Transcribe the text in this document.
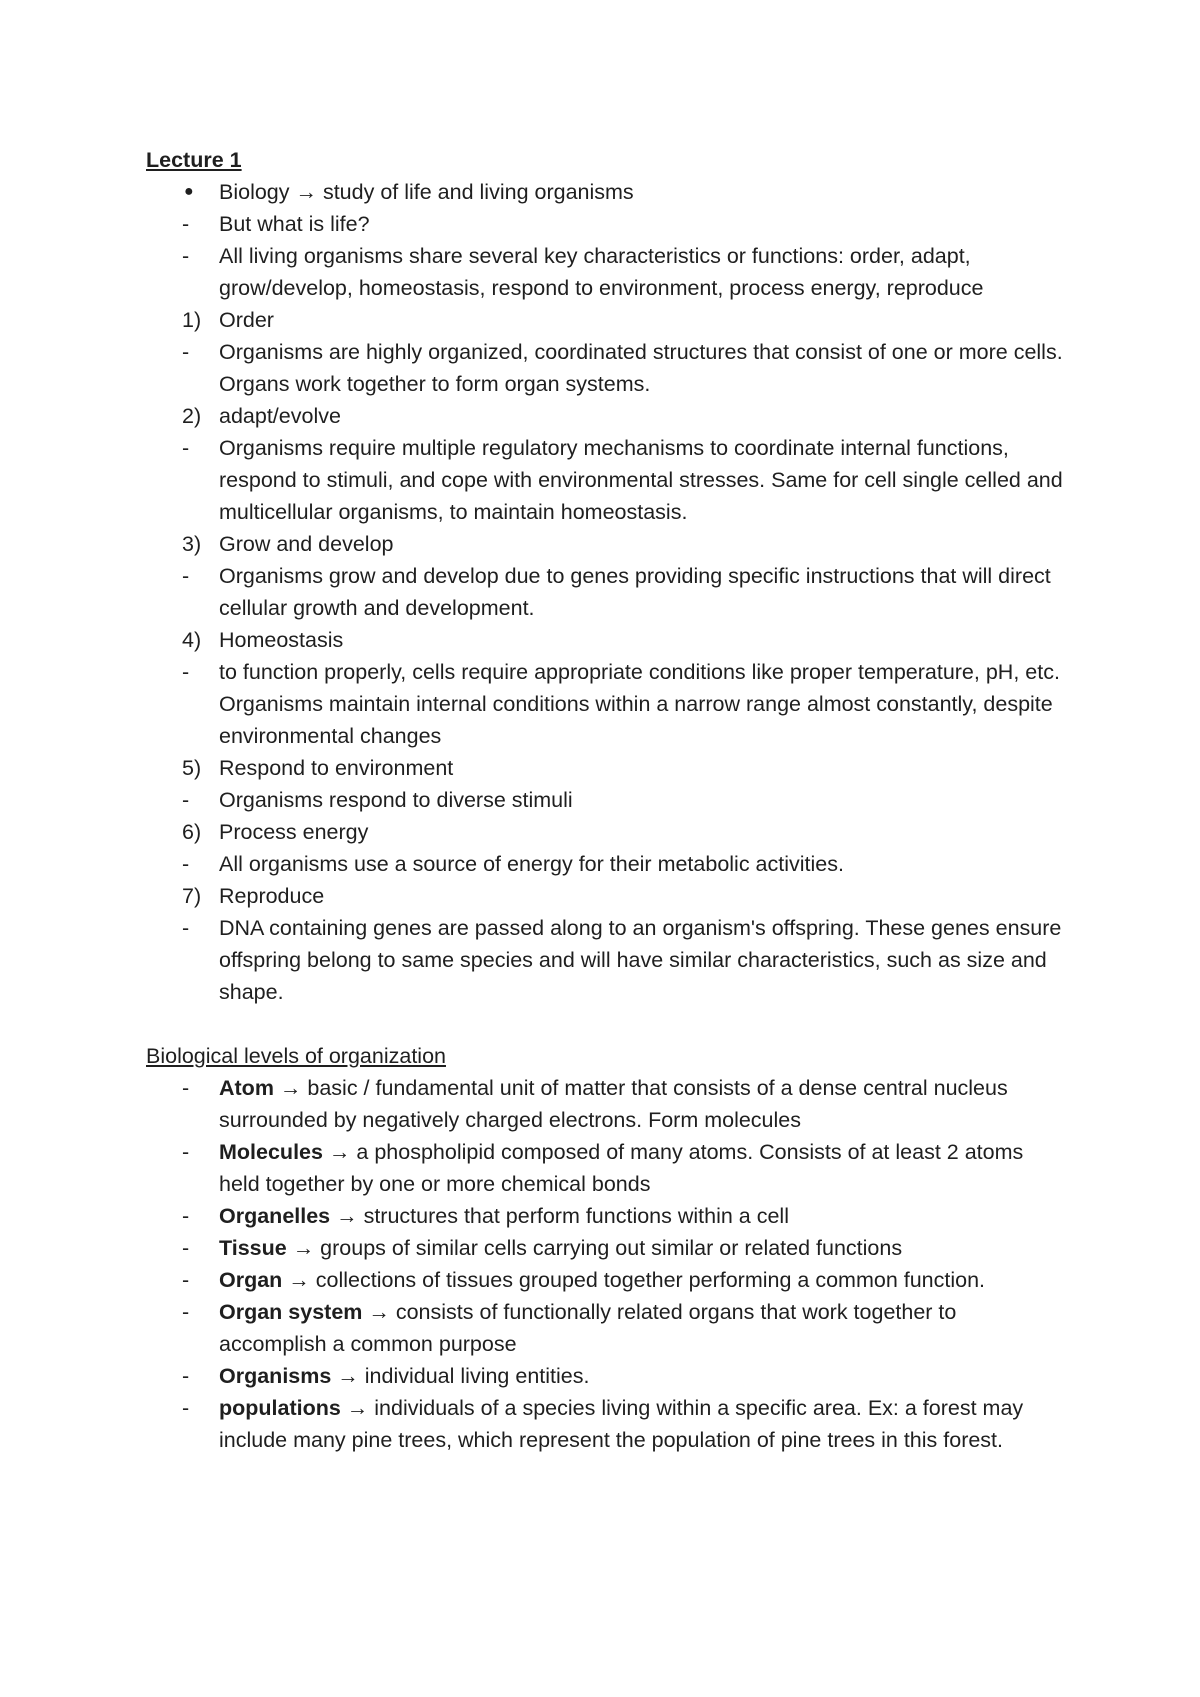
Lecture 1
●	Biology → study of life and living organisms
-	But what is life?
-	All living organisms share several key characteristics or functions: order, adapt, grow/develop, homeostasis, respond to environment, process energy, reproduce
1) Order
-	Organisms are highly organized, coordinated structures that consist of one or more cells. Organs work together to form organ systems.
2) adapt/evolve
-	Organisms require multiple regulatory mechanisms to coordinate internal functions, respond to stimuli, and cope with environmental stresses. Same for cell single celled and multicellular organisms, to maintain homeostasis.
3) Grow and develop
-	Organisms grow and develop due to genes providing specific instructions that will direct cellular growth and development.
4) Homeostasis
-	to function properly, cells require appropriate conditions like proper temperature, pH, etc. Organisms maintain internal conditions within a narrow range almost constantly, despite environmental changes
5) Respond to environment
-	Organisms respond to diverse stimuli
6) Process energy
-	All organisms use a source of energy for their metabolic activities.
7) Reproduce
-	DNA containing genes are passed along to an organism's offspring. These genes ensure offspring belong to same species and will have similar characteristics, such as size and shape.
Biological levels of organization
-	Atom → basic / fundamental unit of matter that consists of a dense central nucleus surrounded by negatively charged electrons. Form molecules
-	Molecules → a phospholipid composed of many atoms. Consists of at least 2 atoms held together by one or more chemical bonds
-	Organelles → structures that perform functions within a cell
-	Tissue → groups of similar cells carrying out similar or related functions
-	Organ → collections of tissues grouped together performing a common function.
-	Organ system → consists of functionally related organs that work together to accomplish a common purpose
-	Organisms → individual living entities.
-	populations → individuals of a species living within a specific area. Ex: a forest may include many pine trees, which represent the population of pine trees in this forest.
